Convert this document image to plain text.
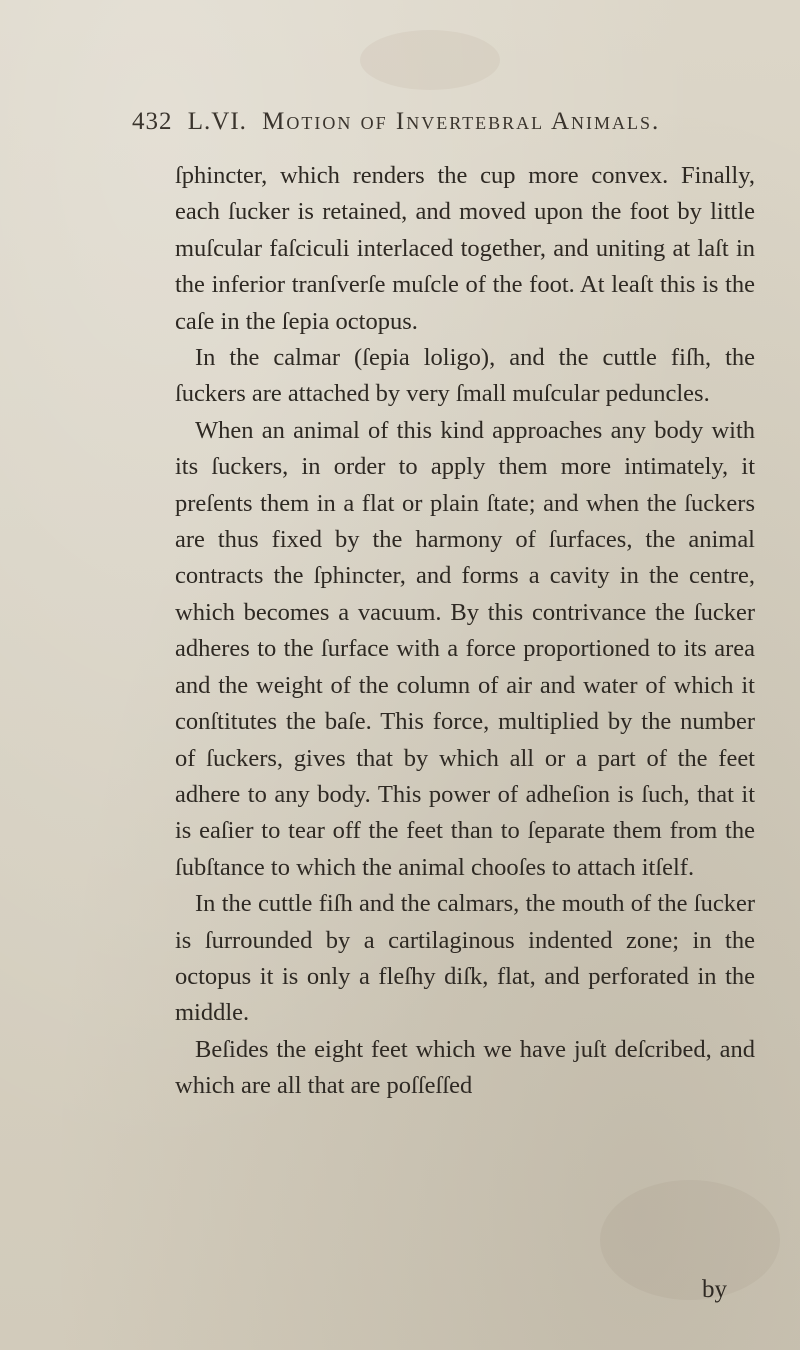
432 L.VI. Motion of Invertebral Animals.

ſphincter, which renders the cup more convex. Finally, each ſucker is retained, and moved upon the foot by little muſcular faſciculi interlaced together, and uniting at laſt in the inferior tranſverſe muſcle of the foot. At leaſt this is the caſe in the ſepia octopus.

In the calmar (ſepia loligo), and the cuttle fiſh, the ſuckers are attached by very ſmall muſcular peduncles.

When an animal of this kind approaches any body with its ſuckers, in order to apply them more intimately, it preſents them in a flat or plain ſtate; and when the ſuckers are thus fixed by the harmony of ſurfaces, the animal contracts the ſphincter, and forms a cavity in the centre, which becomes a vacuum. By this contrivance the ſucker adheres to the ſurface with a force proportioned to its area and the weight of the column of air and water of which it conſtitutes the baſe. This force, multiplied by the number of ſuckers, gives that by which all or a part of the feet adhere to any body. This power of adheſion is ſuch, that it is eaſier to tear off the feet than to ſeparate them from the ſubſtance to which the animal chooſes to attach itſelf.

In the cuttle fiſh and the calmars, the mouth of the ſucker is ſurrounded by a cartilaginous indented zone; in the octopus it is only a fleſhy diſk, flat, and perforated in the middle.

Beſides the eight feet which we have juſt deſcribed, and which are all that are poſſeſſed

by
